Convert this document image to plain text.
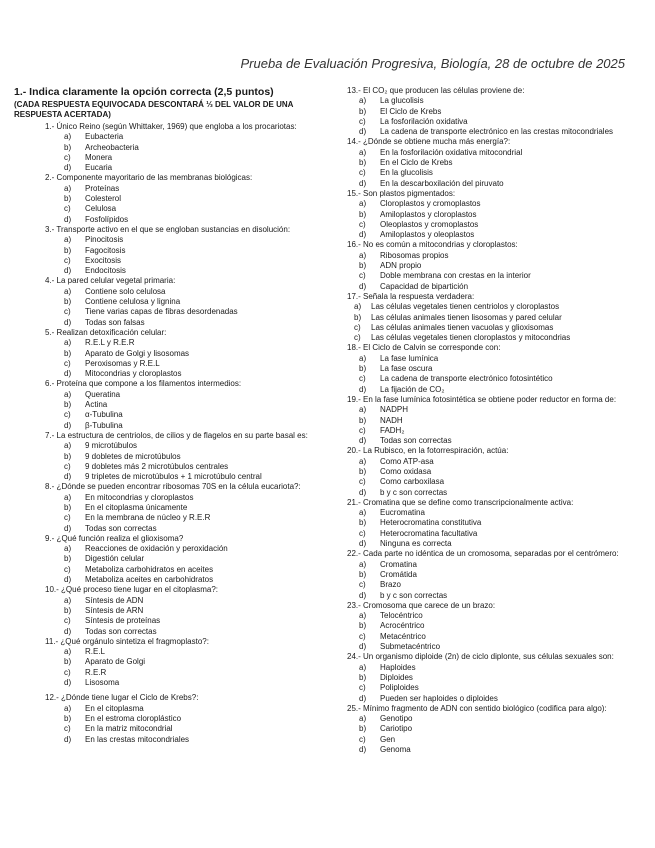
Prueba de Evaluación Progresiva, Biología, 28 de octubre de 2025
1.- Indica claramente la opción correcta (2,5 puntos)
(CADA RESPUESTA EQUIVOCADA DESCONTARÁ ⅓ DEL VALOR DE UNA RESPUESTA ACERTADA)
1.- Único Reino (según Whittaker, 1969) que engloba a los procariotas:
a)	Eubacteria
b)	Archeobacteria
c)	Monera
d)	Eucaria
2.- Componente mayoritario de las membranas biológicas:
a)	Proteínas
b)	Colesterol
c)	Celulosa
d)	Fosfolípidos
3.- Transporte activo en el que se engloban sustancias en disolución:
a)	Pinocitosis
b)	Fagocitosis
c)	Exocitosis
d)	Endocitosis
4.- La pared celular vegetal primaria:
a)	Contiene solo celulosa
b)	Contiene celulosa y lignina
c)	Tiene varias capas de fibras desordenadas
d)	Todas son falsas
5.- Realizan detoxificación celular:
a)	R.E.L y R.E.R
b)	Aparato de Golgi y lisosomas
c)	Peroxisomas y R.E.L
d)	Mitocondrias y cloroplastos
6.- Proteína que compone a los filamentos intermedios:
a)	Queratina
b)	Actina
c)	α-Tubulina
d)	β-Tubulina
7.- La estructura de centriolos, de cilios y de flagelos en su parte basal es:
a)	9 microtúbulos
b)	9 dobletes de microtúbulos
c)	9 dobletes más 2 microtúbulos centrales
d)	9 tripletes de microtúbulos + 1 microtúbulo central
8.- ¿Dónde se pueden encontrar ribosomas 70S en la célula eucariota?:
a)	En mitocondrias y cloroplastos
b)	En el citoplasma únicamente
c)	En la membrana de núcleo y R.E.R
d)	Todas son correctas
9.- ¿Qué función realiza el glioxisoma?
a)	Reacciones de oxidación y peroxidación
b)	Digestión celular
c)	Metaboliza carbohidratos en aceites
d)	Metaboliza aceites en carbohidratos
10.- ¿Qué proceso tiene lugar en el citoplasma?:
a)	Síntesis de ADN
b)	Síntesis de ARN
c)	Síntesis de proteínas
d)	Todas son correctas
11.- ¿Qué orgánulo sintetiza el fragmoplasto?:
a)	R.E.L
b)	Aparato de Golgi
c)	R.E.R
d)	Lisosoma
12.- ¿Dónde tiene lugar el Ciclo de Krebs?:
a)	En el citoplasma
b)	En el estroma cloroplástico
c)	En la matriz mitocondrial
d)	En las crestas mitocondriales
13.- El CO₂ que producen las células proviene de:
a)	La glucolisis
b)	El Ciclo de Krebs
c)	La fosforilación oxidativa
d)	La cadena de transporte electrónico en las crestas mitocondriales
14.- ¿Dónde se obtiene mucha más energía?:
a)	En la fosforilación oxidativa mitocondrial
b)	En el Ciclo de Krebs
c)	En la glucolisis
d)	En la descarboxilación del piruvato
15.- Son plastos pigmentados:
a)	Cloroplastos y cromoplastos
b)	Amiloplastos y cloroplastos
c)	Oleoplastos y cromoplastos
d)	Amiloplastos y oleoplastos
16.- No es común a mitocondrias y cloroplastos:
a)	Ribosomas propios
b)	ADN propio
c)	Doble membrana con crestas en la interior
d)	Capacidad de bipartición
17.- Señala la respuesta verdadera:
a)	Las células vegetales tienen centriolos y cloroplastos
b)	Las células animales tienen lisosomas y pared celular
c)	Las células animales tienen vacuolas y glioxisomas
c)	Las células vegetales tienen cloroplastos y mitocondrias
18.- El Ciclo de Calvin se corresponde con:
a)	La fase lumínica
b)	La fase oscura
c)	La cadena de transporte electrónico fotosintético
d)	La fijación de CO₂
19.- En la fase lumínica fotosintética se obtiene poder reductor en forma de:
a)	NADPH
b)	NADH
c)	FADH₂
d)	Todas son correctas
20.- La Rubisco, en la fotorrespiración, actúa:
a)	Como ATP-asa
b)	Como oxidasa
c)	Como carboxilasa
d)	b y c son correctas
21.- Cromatina que se define como transcripcionalmente activa:
a)	Eucromatina
b)	Heterocromatina constitutiva
c)	Heterocromatina facultativa
d)	Ninguna es correcta
22.- Cada parte no idéntica de un cromosoma, separadas por el centrómero:
a)	Cromatina
b)	Cromátida
c)	Brazo
d)	b y c son correctas
23.- Cromosoma que carece de un brazo:
a)	Telocéntrico
b)	Acrocéntrico
c)	Metacéntrico
d)	Submetacéntrico
24.- Un organismo diploide (2n) de ciclo diplonte, sus células sexuales son:
a)	Haploides
b)	Diploides
c)	Poliploides
d)	Pueden ser haploides o diploides
25.- Mínimo fragmento de ADN con sentido biológico (codifica para algo):
a)	Genotipo
b)	Cariotipo
c)	Gen
d)	Genoma
